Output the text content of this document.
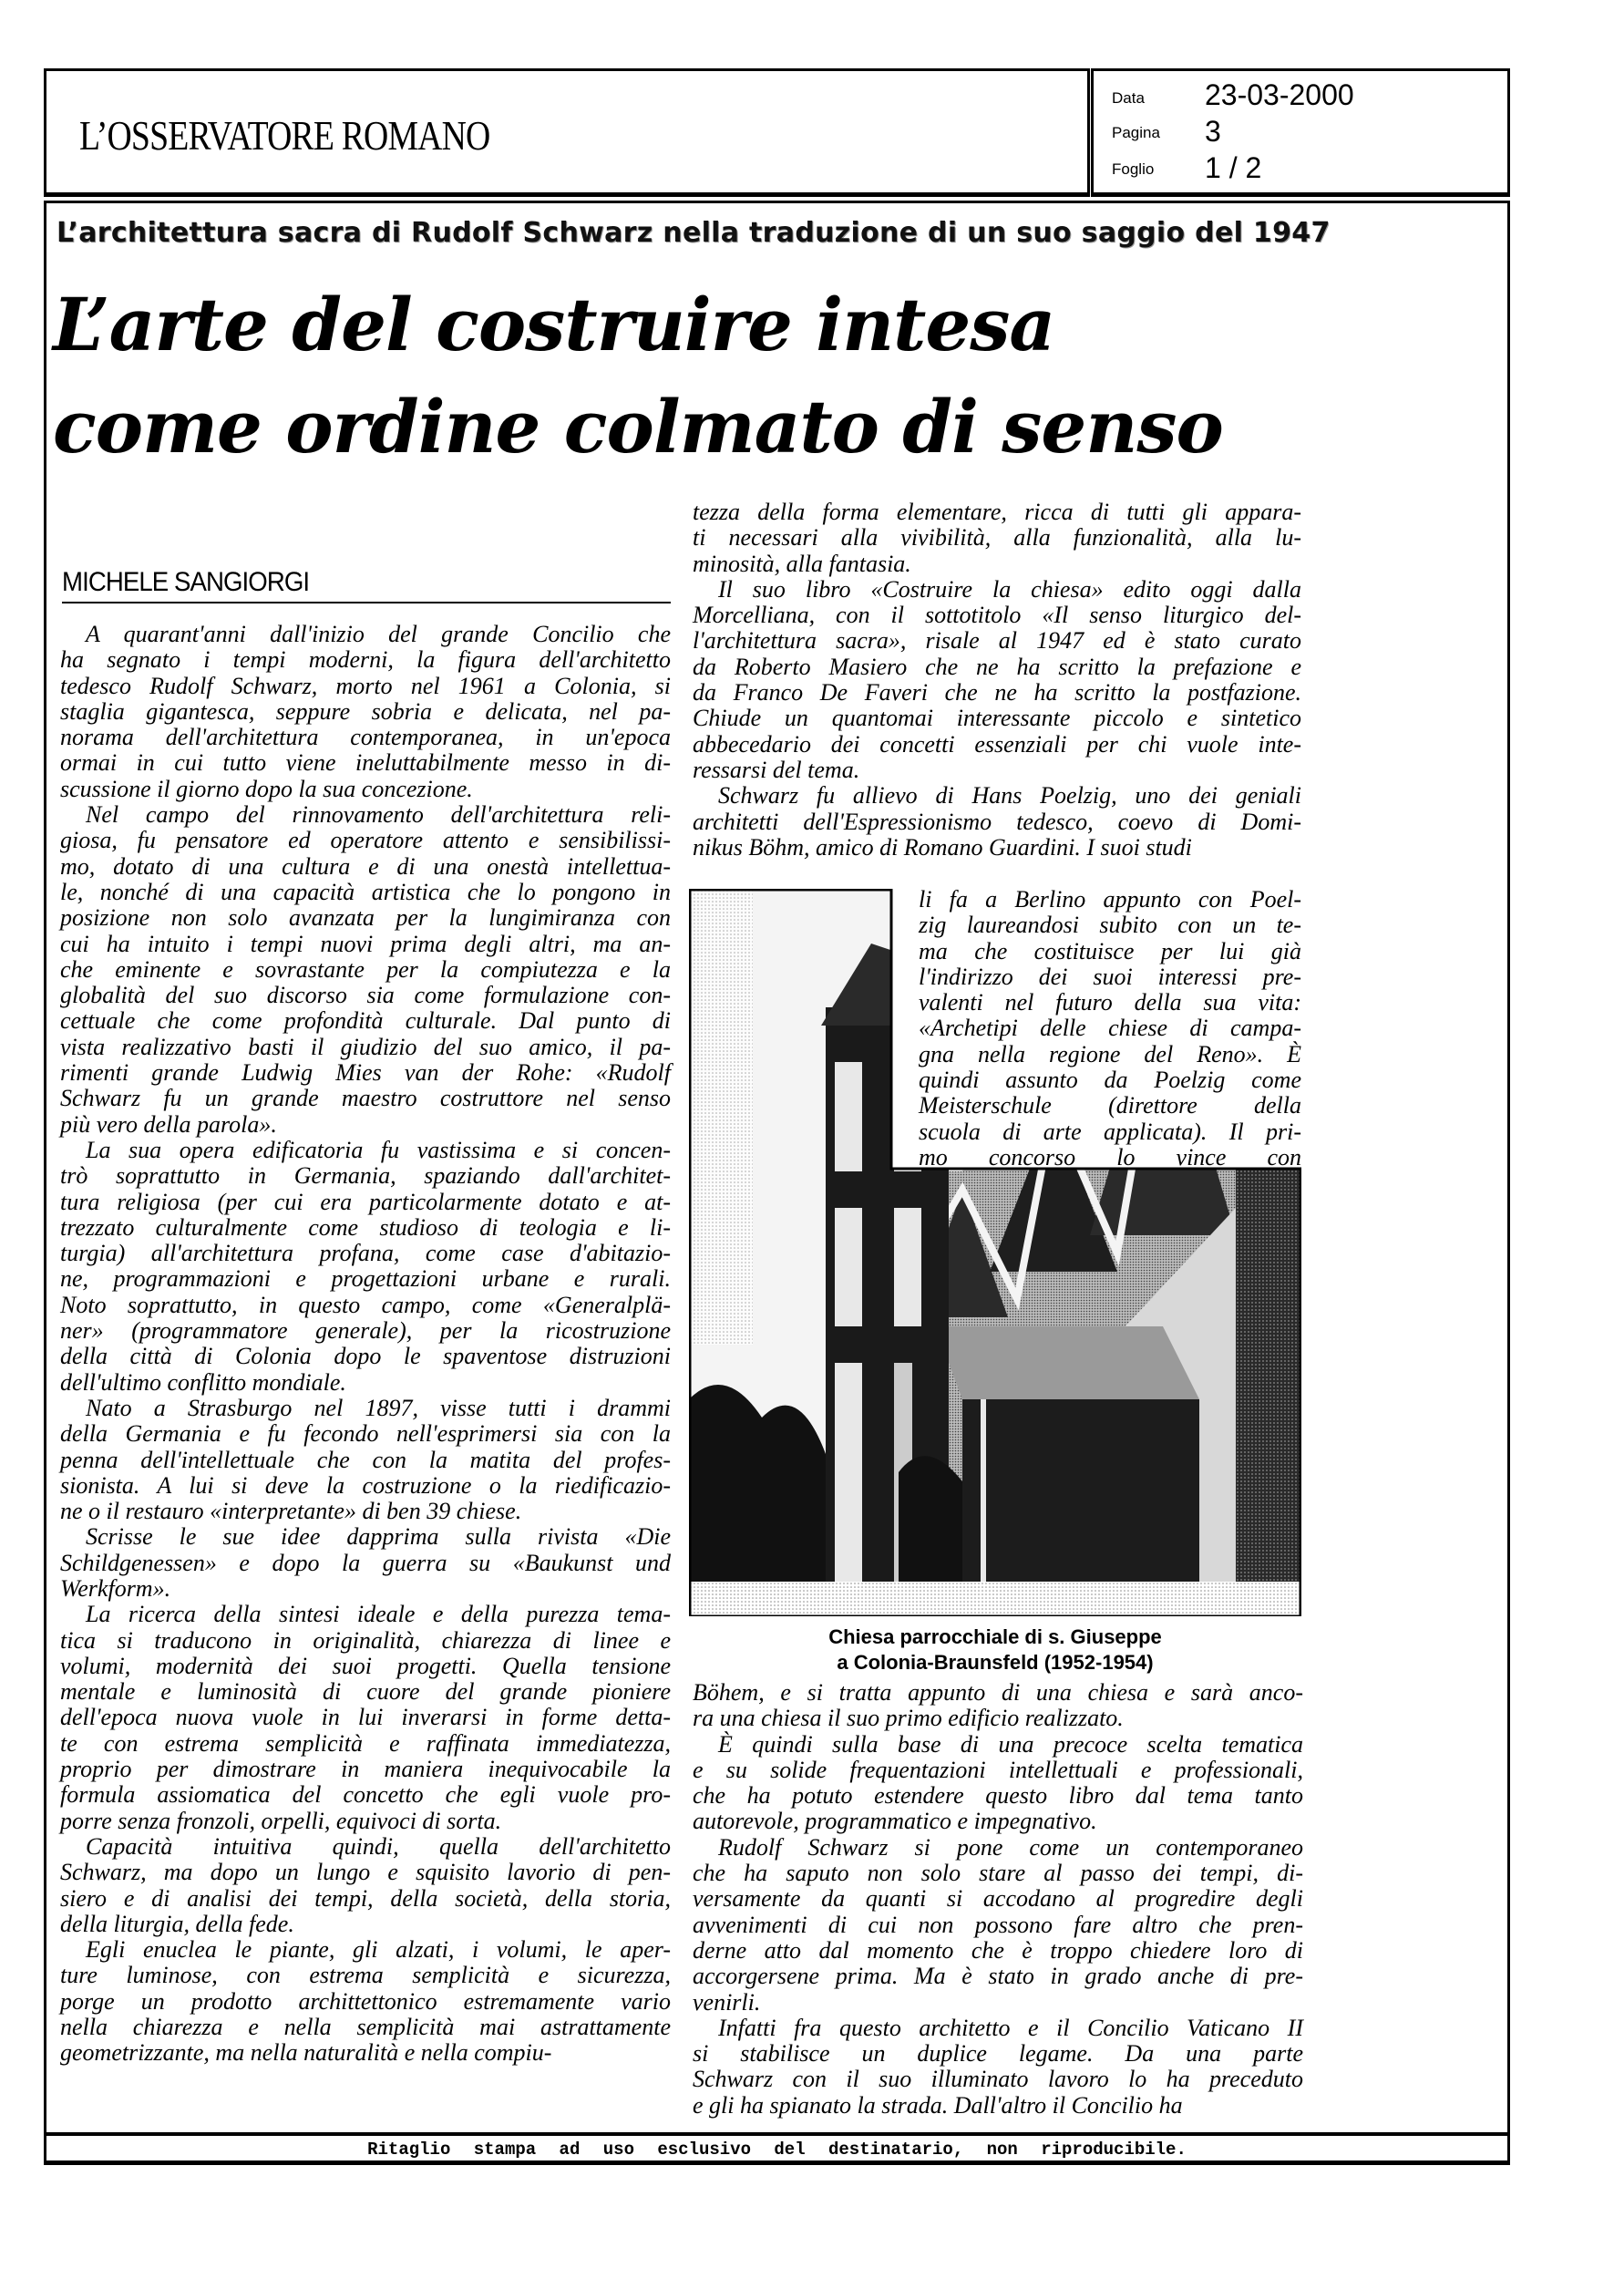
L’OSSERVATORE ROMANO
Data 23-03-2000
Pagina 3
Foglio 1 / 2
L’architettura sacra di Rudolf Schwarz nella traduzione di un suo saggio del 1947
L’arte del costruire intesa
come ordine colmato di senso
MICHELE SANGIORGI

A quarant'anni dall'inizio del grande Concilio che
ha segnato i tempi moderni, la figura dell'architetto
tedesco Rudolf Schwarz, morto nel 1961 a Colonia, si
staglia gigantesca, seppure sobria e delicata, nel pa-
norama dell'architettura contemporanea, in un'epoca
ormai in cui tutto viene ineluttabilmente messo in di-
scussione il giorno dopo la sua concezione.

Nel campo del rinnovamento dell'architettura reli-
giosa, fu pensatore ed operatore attento e sensibilissi-
mo, dotato di una cultura e di una onestà intellettua-
le, nonché di una capacità artistica che lo pongono in
posizione non solo avanzata per la lungimiranza con
cui ha intuito i tempi nuovi prima degli altri, ma an-
che eminente e sovrastante per la compiutezza e la
globalità del suo discorso sia come formulazione con-
cettuale che come profondità culturale. Dal punto di
vista realizzativo basti il giudizio del suo amico, il pa-
rimenti grande Ludwig Mies van der Rohe: «Rudolf
Schwarz fu un grande maestro costruttore nel senso
più vero della parola».

La sua opera edificatoria fu vastissima e si concen-
trò soprattutto in Germania, spaziando dall'architet-
tura religiosa (per cui era particolarmente dotato e at-
trezzato culturalmente come studioso di teologia e li-
turgia) all'architettura profana, come case d'abitazio-
ne, programmazioni e progettazioni urbane e rurali.
Noto soprattutto, in questo campo, come «Generalplä-
ner» (programmatore generale), per la ricostruzione
della città di Colonia dopo le spaventose distruzioni
dell'ultimo conflitto mondiale.

Nato a Strasburgo nel 1897, visse tutti i drammi
della Germania e fu fecondo nell'esprimersi sia con la
penna dell'intellettuale che con la matita del profes-
sionista. A lui si deve la costruzione o la riedificazio-
ne o il restauro «interpretante» di ben 39 chiese.

Scrisse le sue idee dapprima sulla rivista «Die
Schildgenessen» e dopo la guerra su «Baukunst und
Werkform».

La ricerca della sintesi ideale e della purezza tema-
tica si traducono in originalità, chiarezza di linee e
volumi, modernità dei suoi progetti. Quella tensione
mentale e luminosità di cuore del grande pioniere
dell'epoca nuova vuole in lui inverarsi in forme detta-
te con estrema semplicità e raffinata immediatezza,
proprio per dimostrare in maniera inequivocabile la
formula assiomatica del concetto che egli vuole pro-
porre senza fronzoli, orpelli, equivoci di sorta.

Capacità intuitiva quindi, quella dell'architetto
Schwarz, ma dopo un lungo e squisito lavorio di pen-
siero e di analisi dei tempi, della società, della storia,
della liturgia, della fede.

Egli enuclea le piante, gli alzati, i volumi, le aper-
ture luminose, con estrema semplicità e sicurezza,
porge un prodotto archittettonico estremamente vario
nella chiarezza e nella semplicità mai astrattamente
geometrizzante, ma nella naturalità e nella compiu-

tezza della forma elementare, ricca di tutti gli appara-
ti necessari alla vivibilità, alla funzionalità, alla lu-
minosità, alla fantasia.

Il suo libro «Costruire la chiesa» edito oggi dalla
Morcelliana, con il sottotitolo «Il senso liturgico del-
l'architettura sacra», risale al 1947 ed è stato curato
da Roberto Masiero che ne ha scritto la prefazione e
da Franco De Faveri che ne ha scritto la postfazione.
Chiude un quantomai interessante piccolo e sintetico
abbecedario dei concetti essenziali per chi vuole inte-
ressarsi del tema.

Schwarz fu allievo di Hans Poelzig, uno dei geniali
architetti dell'Espressionismo tedesco, coevo di Domi-
nikus Böhm, amico di Romano Guardini. I suoi studi

li fa a Berlino appunto con Poel-
zig laureandosi subito con un te-
ma che costituisce per lui già
l'indirizzo dei suoi interessi pre-
valenti nel futuro della sua vita:
«Archetipi delle chiese di campa-
gna nella regione del Reno». È
quindi assunto da Poelzig come
Meisterschule (direttore della
scuola di arte applicata). Il pri-
mo concorso lo vince con

Chiesa parrocchiale di s. Giuseppe
a Colonia-Braunsfeld (1952-1954)

Böhem, e si tratta appunto di una chiesa e sarà anco-
ra una chiesa il suo primo edificio realizzato.

È quindi sulla base di una precoce scelta tematica
e su solide frequentazioni intellettuali e professionali,
che ha potuto estendere questo libro dal tema tanto
autorevole, programmatico e impegnativo.

Rudolf Schwarz si pone come un contemporaneo
che ha saputo non solo stare al passo dei tempi, di-
versamente da quanti si accodano al progredire degli
avvenimenti di cui non possono fare altro che pren-
derne atto dal momento che è troppo chiedere loro di
accorgersene prima. Ma è stato in grado anche di pre-
venirli.

Infatti fra questo architetto e il Concilio Vaticano II
si stabilisce un duplice legame. Da una parte
Schwarz con il suo illuminato lavoro lo ha preceduto
e gli ha spianato la strada. Dall'altro il Concilio ha

Ritaglio stampa ad uso esclusivo del destinatario, non riproducibile.
